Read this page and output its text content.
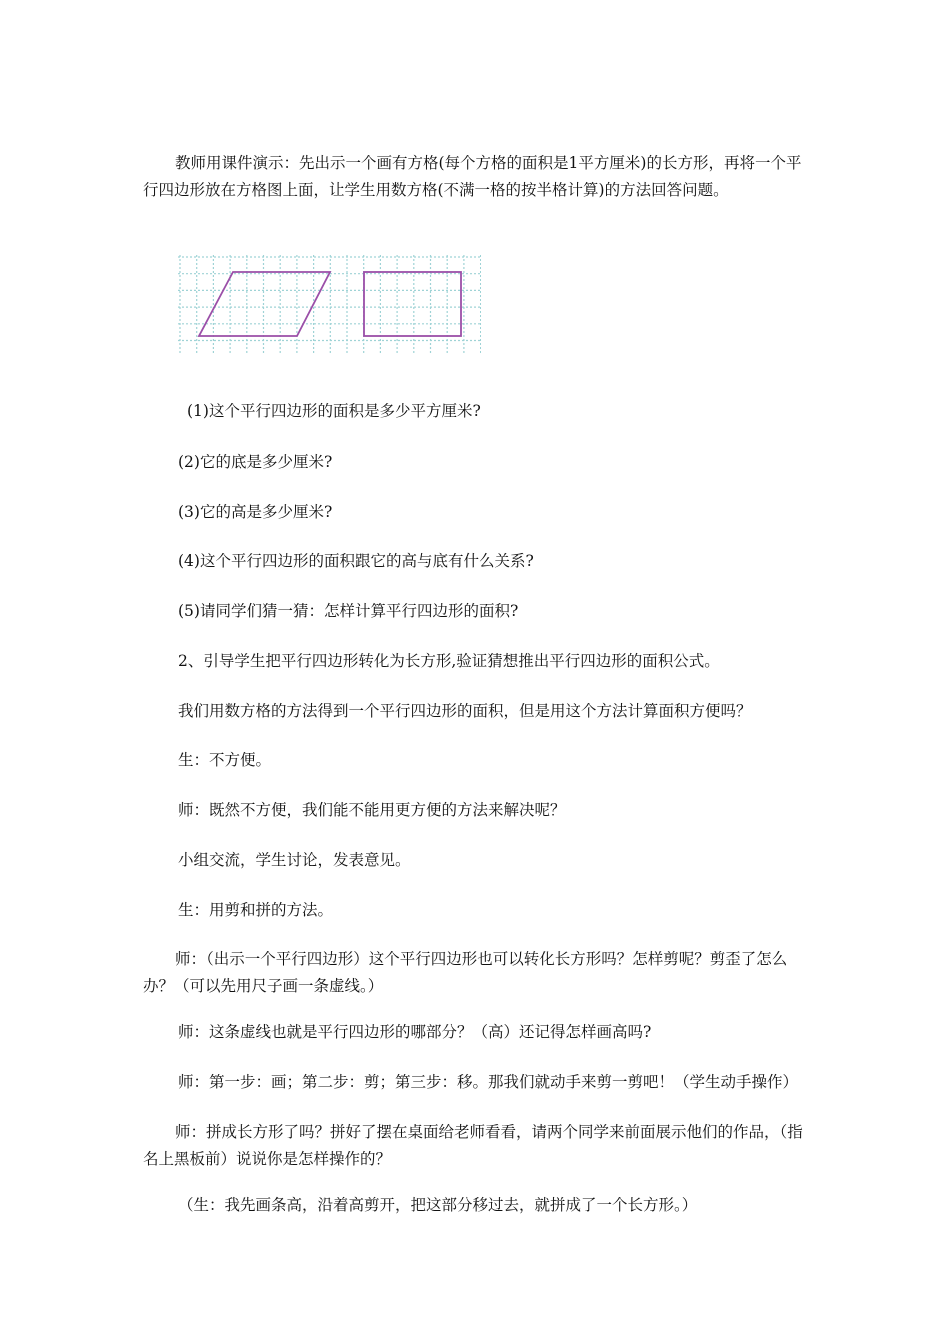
教师用课件演示：先出示一个画有方格(每个方格的面积是1平方厘米)的长方形，再将一个平行四边形放在方格图上面，让学生用数方格(不满一格的按半格计算)的方法回答问题。

(1)这个平行四边形的面积是多少平方厘米?

(2)它的底是多少厘米?

(3)它的高是多少厘米?

(4)这个平行四边形的面积跟它的高与底有什么关系?

(5)请同学们猜一猜：怎样计算平行四边形的面积?

2、引导学生把平行四边形转化为长方形,验证猜想推出平行四边形的面积公式。

我们用数方格的方法得到一个平行四边形的面积，但是用这个方法计算面积方便吗？

生：不方便。

师：既然不方便，我们能不能用更方便的方法来解决呢？

小组交流，学生讨论，发表意见。

生：用剪和拼的方法。

师：（出示一个平行四边形）这个平行四边形也可以转化长方形吗？怎样剪呢？剪歪了怎么办？（可以先用尺子画一条虚线。）

师：这条虚线也就是平行四边形的哪部分？（高）还记得怎样画高吗?

师：第一步：画；第二步：剪；第三步：移。那我们就动手来剪一剪吧！（学生动手操作）

师：拼成长方形了吗？拼好了摆在桌面给老师看看，请两个同学来前面展示他们的作品，（指名上黑板前）说说你是怎样操作的？

（生：我先画条高，沿着高剪开，把这部分移过去，就拼成了一个长方形。）
